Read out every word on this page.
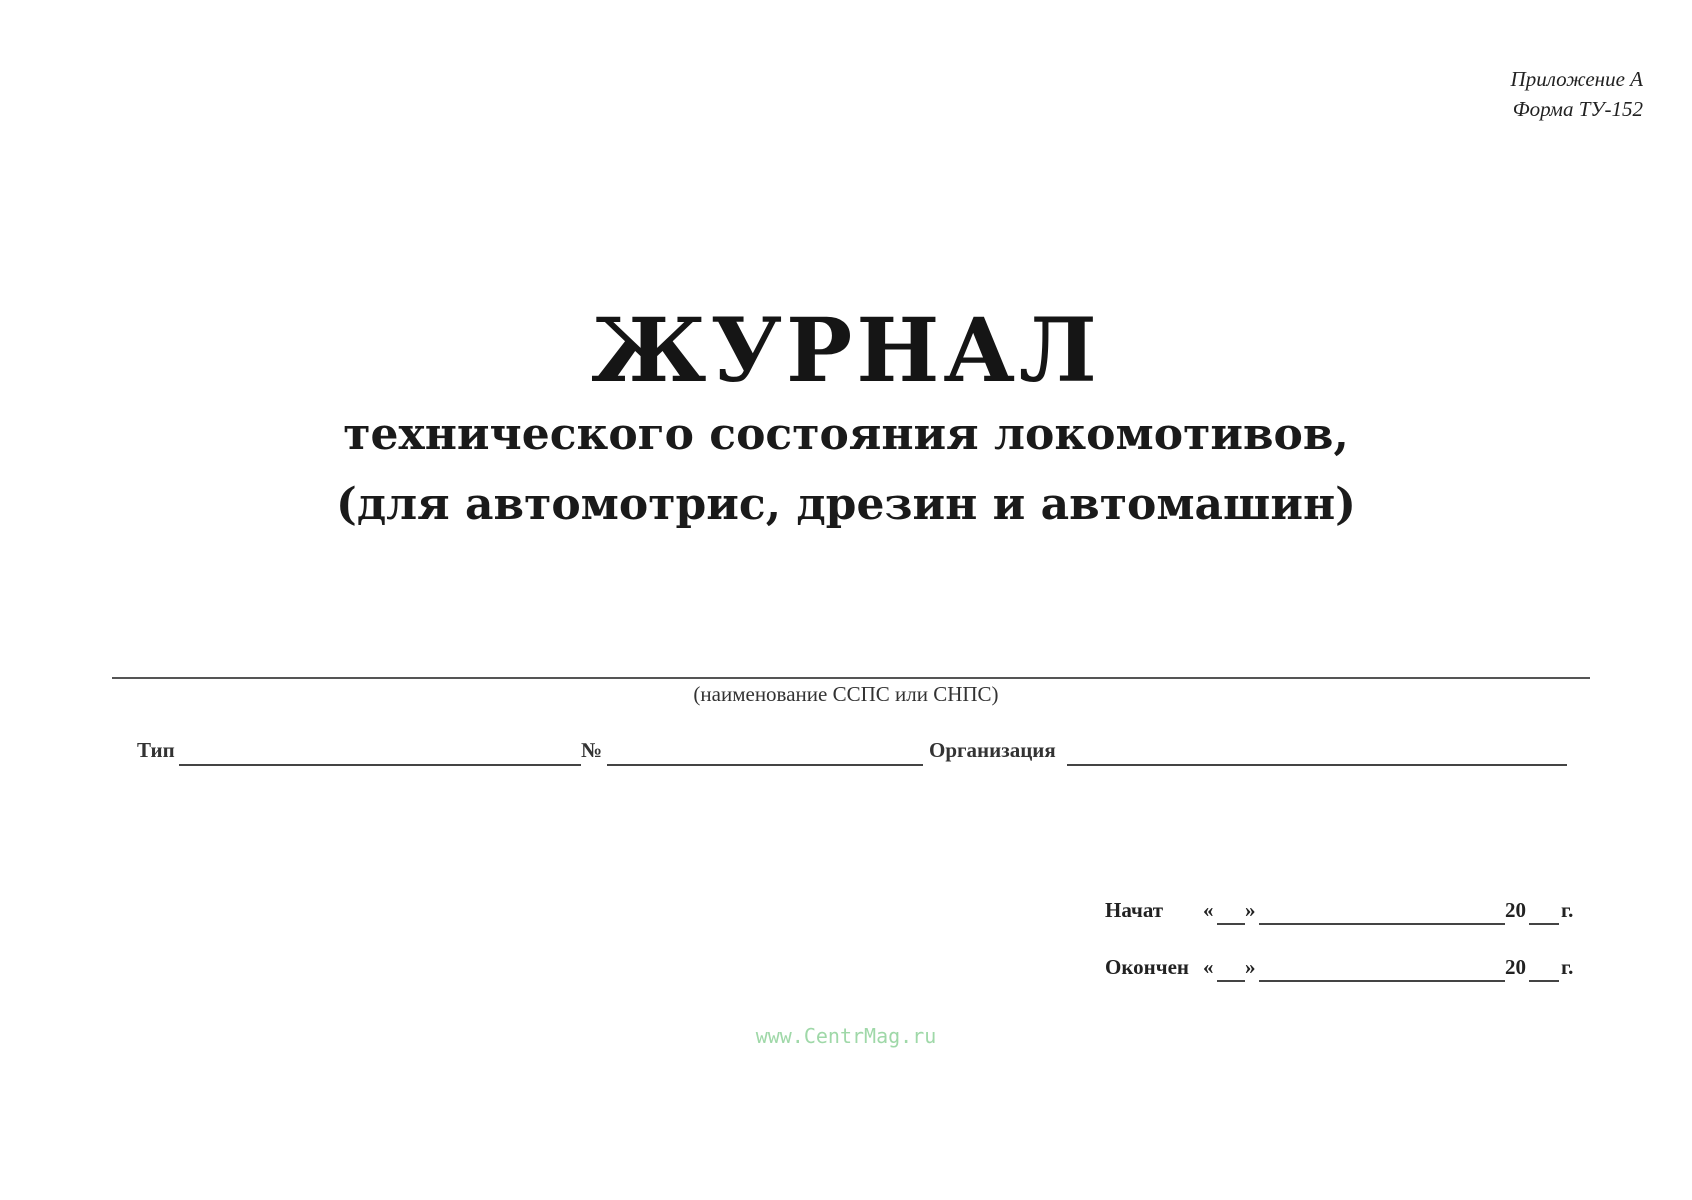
Приложение А
Форма ТУ-152
ЖУРНАЛ
технического состояния локомотивов,
(для автомотрис, дрезин и автомашин)
(наименование ССПС или СНПС)
Тип	№	Организация
Начат « »	20 г.
Окончен « »	20 г.
www.CentrMag.ru
